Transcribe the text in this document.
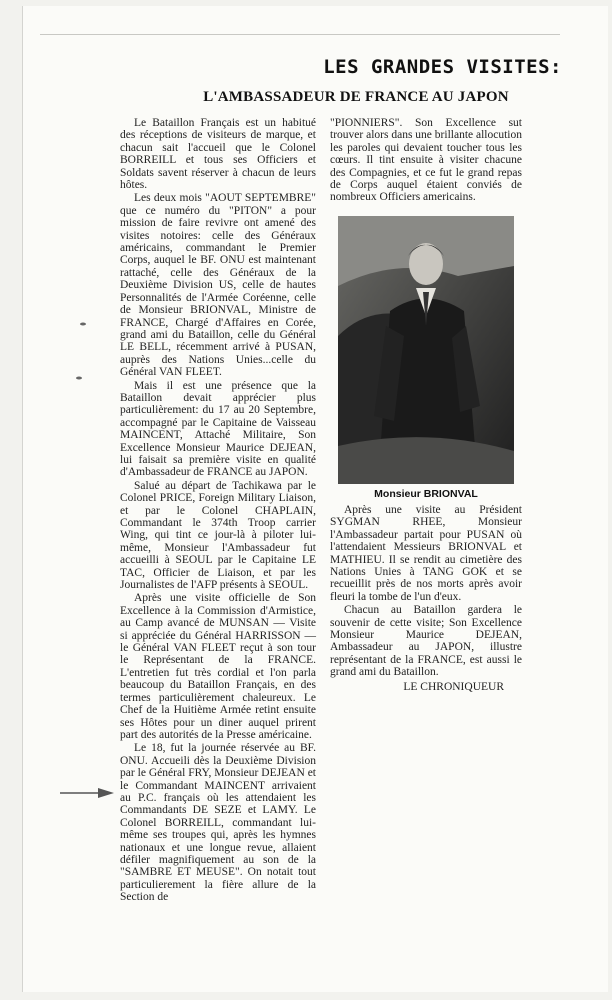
LES GRANDES VISITES:
L'AMBASSADEUR DE FRANCE AU JAPON

Le Bataillon Français est un habitué des réceptions de visiteurs de marque, et chacun sait l'accueil que le Colonel BORREILL et tous ses Officiers et Soldats savent réserver à chacun de leurs hôtes.

Les deux mois "AOUT SEPTEMBRE" que ce numéro du "PITON" a pour mission de faire revivre ont amené des visites notoires: celle des Généraux américains, commandant le Premier Corps, auquel le BF. ONU est maintenant rattaché, celle des Généraux de la Deuxième Division US, celle de hautes Personnalités de l'Armée Coréenne, celle de Monsieur BRIONVAL, Ministre de FRANCE, Chargé d'Affaires en Corée, grand ami du Bataillon, celle du Général LE BELL, récemment arrivé à PUSAN, auprès des Nations Unies...celle du Général VAN FLEET.

Mais il est une présence que la Bataillon devait apprécier plus particulièrement: du 17 au 20 Septembre, accompagné par le Capitaine de Vaisseau MAINCENT, Attaché Militaire, Son Excellence Monsieur Maurice DEJEAN, lui faisait sa première visite en qualité d'Ambassadeur de FRANCE au JAPON.

Salué au départ de Tachikawa par le Colonel PRICE, Foreign Military Liaison, et par le Colonel CHAPLAIN, Commandant le 374th Troop carrier Wing, qui tint ce jour-là à piloter lui-même, Monsieur l'Ambassadeur fut accueilli à SEOUL par le Capitaine LE TAC, Officier de Liaison, et par les Journalistes de l'AFP présents à SEOUL.

Après une visite officielle de Son Excellence à la Commission d'Armistice, au Camp avancé de MUNSAN — Visite si appréciée du Général HARRISSON — le Général VAN FLEET reçut à son tour le Représentant de la FRANCE. L'entretien fut très cordial et l'on parla beaucoup du Bataillon Français, en des termes particulièrement chaleureux. Le Chef de la Huitième Armée retint ensuite ses Hôtes pour un diner auquel prirent part des autorités de la Presse américaine.

Le 18, fut la journée réservée au BF. ONU. Accueili dès la Deuxième Division par le Général FRY, Monsieur DEJEAN et le Commandant MAINCENT arrivaient au P.C. français où les attendaient les Commandants DE SEZE et LAMY. Le Colonel BORREILL, commandant lui-même ses troupes qui, après les hymnes nationaux et une longue revue, allaient défiler magnifiquement au son de la "SAMBRE ET MEUSE". On notait tout particulierement la fière allure de la Section de

"PIONNIERS". Son Excellence sut trouver alors dans une brillante allocution les paroles qui devaient toucher tous les cœurs. Il tint ensuite à visiter chacune des Compagnies, et ce fut le grand repas de Corps auquel étaient conviés de nombreux Officiers americains.

Monsieur BRIONVAL

Après une visite au Président SYGMAN RHEE, Monsieur l'Ambassadeur partait pour PUSAN où l'attendaient Messieurs BRIONVAL et MATHIEU. Il se rendit au cimetière des Nations Unies à TANG GOK et se recueillit près de nos morts après avoir fleuri la tombe de l'un d'eux.

Chacun au Bataillon gardera le souvenir de cette visite; Son Excellence Monsieur Maurice DEJEAN, Ambassadeur au JAPON, illustre représentant de la FRANCE, est aussi le grand ami du Bataillon.

LE CHRONIQUEUR
